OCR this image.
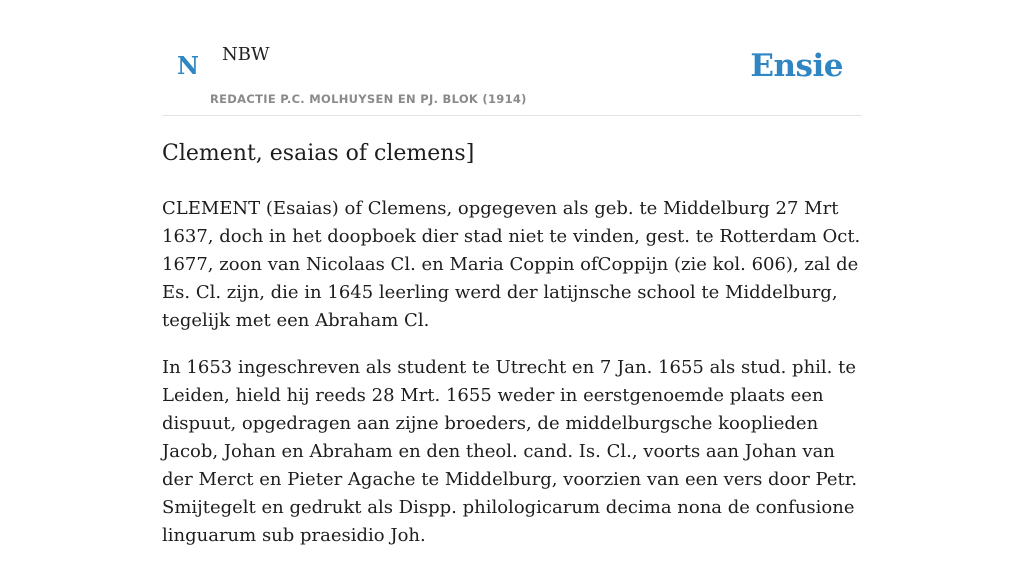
N NBW
REDACTIE P.C. MOLHUYSEN EN PJ. BLOK (1914)
Ensie
Clement, esaias of clemens]

CLEMENT (Esaias) of Clemens, opgegeven als geb. te Middelburg 27 Mrt 1637, doch in het doopboek dier stad niet te vinden, gest. te Rotterdam Oct. 1677, zoon van Nicolaas Cl. en Maria Coppin ofCoppijn (zie kol. 606), zal de Es. Cl. zijn, die in 1645 leerling werd der latijnsche school te Middelburg, tegelijk met een Abraham Cl.

In 1653 ingeschreven als student te Utrecht en 7 Jan. 1655 als stud. phil. te Leiden, hield hij reeds 28 Mrt. 1655 weder in eerstgenoemde plaats een dispuut, opgedragen aan zijne broeders, de middelburgsche kooplieden Jacob, Johan en Abraham en den theol. cand. Is. Cl., voorts aan Johan van der Merct en Pieter Agache te Middelburg, voorzien van een vers door Petr. Smijtegelt en gedrukt als Dispp. philologicarum decima nona de confusione linguarum sub praesidio Joh.
